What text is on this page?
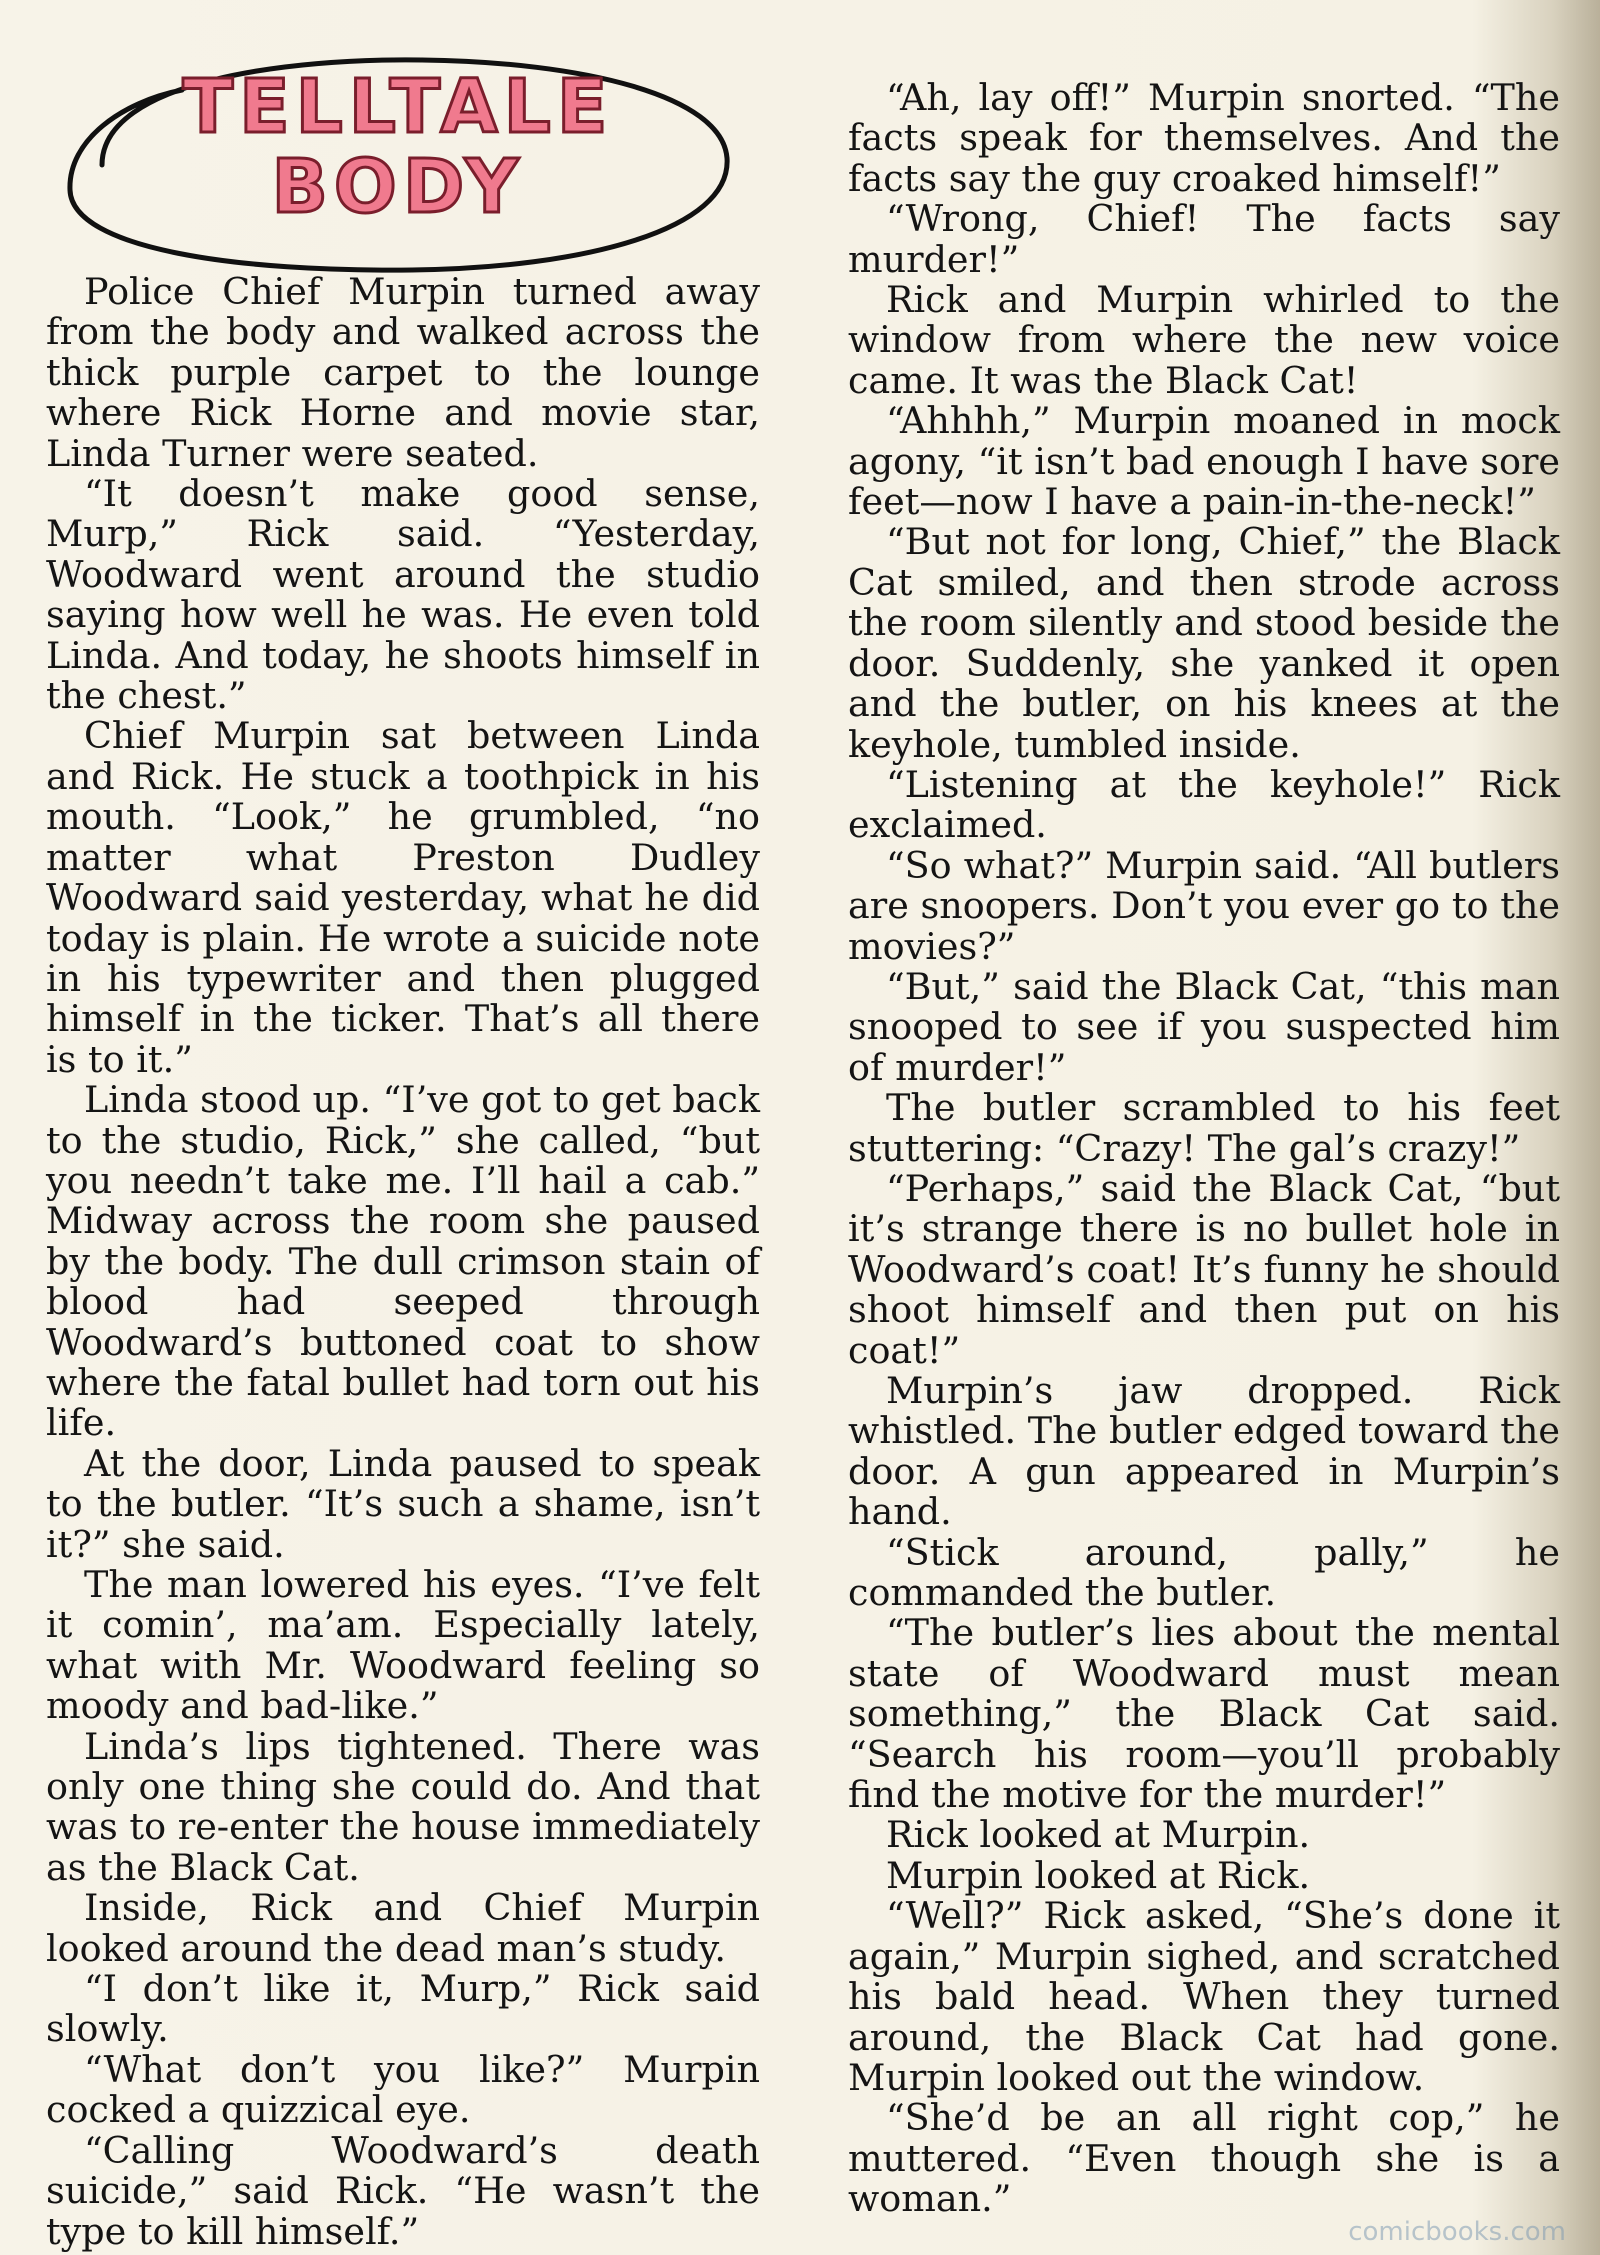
TELLTALE
BODY

Police Chief Murpin turned away from the body and walked across the thick purple carpet to the lounge where Rick Horne and movie star, Linda Turner were seated.

“It doesn’t make good sense, Murp,” Rick said. “Yesterday, Woodward went around the studio saying how well he was. He even told Linda. And today, he shoots himself in the chest.”

Chief Murpin sat between Linda and Rick. He stuck a toothpick in his mouth. “Look,” he grumbled, “no matter what Preston Dudley Woodward said yesterday, what he did today is plain. He wrote a suicide note in his typewriter and then plugged himself in the ticker. That’s all there is to it.”

Linda stood up. “I’ve got to get back to the studio, Rick,” she called, “but you needn’t take me. I’ll hail a cab.” Midway across the room she paused by the body. The dull crimson stain of blood had seeped through Woodward’s buttoned coat to show where the fatal bullet had torn out his life.

At the door, Linda paused to speak to the butler. “It’s such a shame, isn’t it?” she said.

The man lowered his eyes. “I’ve felt it comin’, ma’am. Especially lately, what with Mr. Woodward feeling so moody and bad-like.”

Linda’s lips tightened. There was only one thing she could do. And that was to re-enter the house immediately as the Black Cat.

Inside, Rick and Chief Murpin looked around the dead man’s study.

“I don’t like it, Murp,” Rick said slowly.

“What don’t you like?” Murpin cocked a quizzical eye.

“Calling Woodward’s death suicide,” said Rick. “He wasn’t the type to kill himself.”

“Ah, lay off!” Murpin snorted. “The facts speak for themselves. And the facts say the guy croaked himself!”

“Wrong, Chief! The facts say murder!”

Rick and Murpin whirled to the window from where the new voice came. It was the Black Cat!

“Ahhhh,” Murpin moaned in mock agony, “it isn’t bad enough I have sore feet—now I have a pain-in-the-neck!”

“But not for long, Chief,” the Black Cat smiled, and then strode across the room silently and stood beside the door. Suddenly, she yanked it open and the butler, on his knees at the keyhole, tumbled inside.

“Listening at the keyhole!” Rick exclaimed.

“So what?” Murpin said. “All butlers are snoopers. Don’t you ever go to the movies?”

“But,” said the Black Cat, “this man snooped to see if you suspected him of murder!”

The butler scrambled to his feet stuttering: “Crazy! The gal’s crazy!”

“Perhaps,” said the Black Cat, “but it’s strange there is no bullet hole in Woodward’s coat! It’s funny he should shoot himself and then put on his coat!”

Murpin’s jaw dropped. Rick whistled. The butler edged toward the door. A gun appeared in Murpin’s hand.

“Stick around, pally,” he commanded the butler.

“The butler’s lies about the mental state of Woodward must mean something,” the Black Cat said. “Search his room—you’ll probably find the motive for the murder!”

Rick looked at Murpin.

Murpin looked at Rick.

“Well?” Rick asked, “She’s done it again,” Murpin sighed, and scratched his bald head. When they turned around, the Black Cat had gone. Murpin looked out the window.

“She’d be an all right cop,” he muttered. “Even though she is a woman.”

comicbooks.com
